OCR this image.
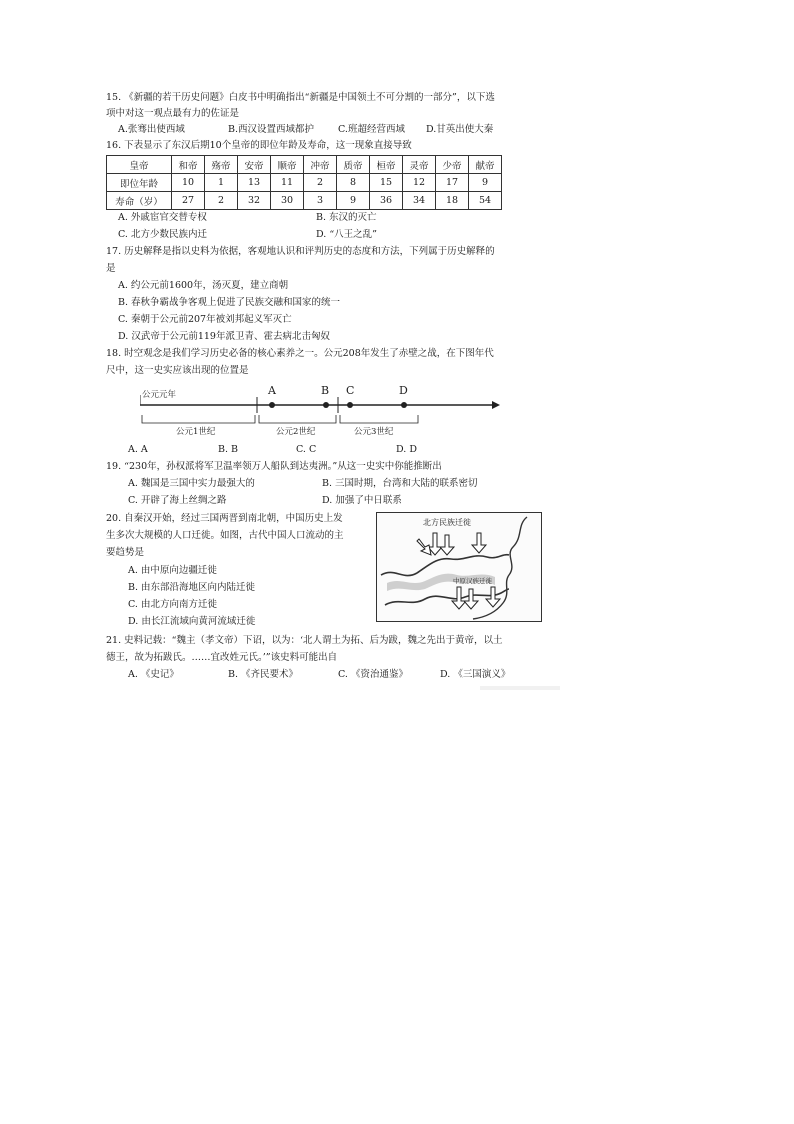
15. 《新疆的若干历史问题》白皮书中明确指出“新疆是中国领土不可分割的一部分”，以下选
项中对这一观点最有力的佐证是
A.张骞出使西域	B.西汉设置西域都护	C.班超经营西域 D.甘英出使大秦
16. 下表显示了东汉后期10个皇帝的即位年龄及寿命，这一现象直接导致
皇帝	和帝	殇帝	安帝	顺帝	冲帝	质帝	桓帝	灵帝	少帝	献帝
即位年龄	10	1	13	11	2	8	15	12	17	9
寿命（岁）	27	2	32	30	3	9	36	34	18	54
A. 外戚宦官交替专权	B. 东汉的灭亡
C. 北方少数民族内迁	D. “八王之乱”
17. 历史解释是指以史料为依据，客观地认识和评判历史的态度和方法，下列属于历史解释的
是
A. 约公元前1600年，汤灭夏，建立商朝
B. 春秋争霸战争客观上促进了民族交融和国家的统一
C. 秦朝于公元前207年被刘邦起义军灭亡
D. 汉武帝于公元前119年派卫青、霍去病北击匈奴
18. 时空观念是我们学习历史必备的核心素养之一。公元208年发生了赤壁之战，在下图年代
尺中，这一史实应该出现的位置是
公元元年	A	B C	D
公元1世纪	公元2世纪	公元3世纪
A. A	B. B	C. C	D. D
19. “230年，孙权派将军卫温率领万人船队到达夷洲。”从这一史实中你能推断出
A. 魏国是三国中实力最强大的	B. 三国时期，台湾和大陆的联系密切
C. 开辟了海上丝绸之路	D. 加强了中日联系
20. 自秦汉开始，经过三国两晋到南北朝，中国历史上发
生多次大规模的人口迁徙。如图，古代中国人口流动的主
要趋势是
A. 由中原向边疆迁徙
B. 由东部沿海地区向内陆迁徙
C. 由北方向南方迁徙
D. 由长江流域向黄河流域迁徙
北方民族迁徙
中原汉族迁徙
21. 史料记载：“魏主（孝文帝）下诏，以为：‘北人谓土为拓、后为跋，魏之先出于黄帝，以土
德王，故为拓跋氏。……宜改姓元氏。’”该史料可能出自
A. 《史记》	B. 《齐民要术》	C. 《资治通鉴》	D. 《三国演义》
